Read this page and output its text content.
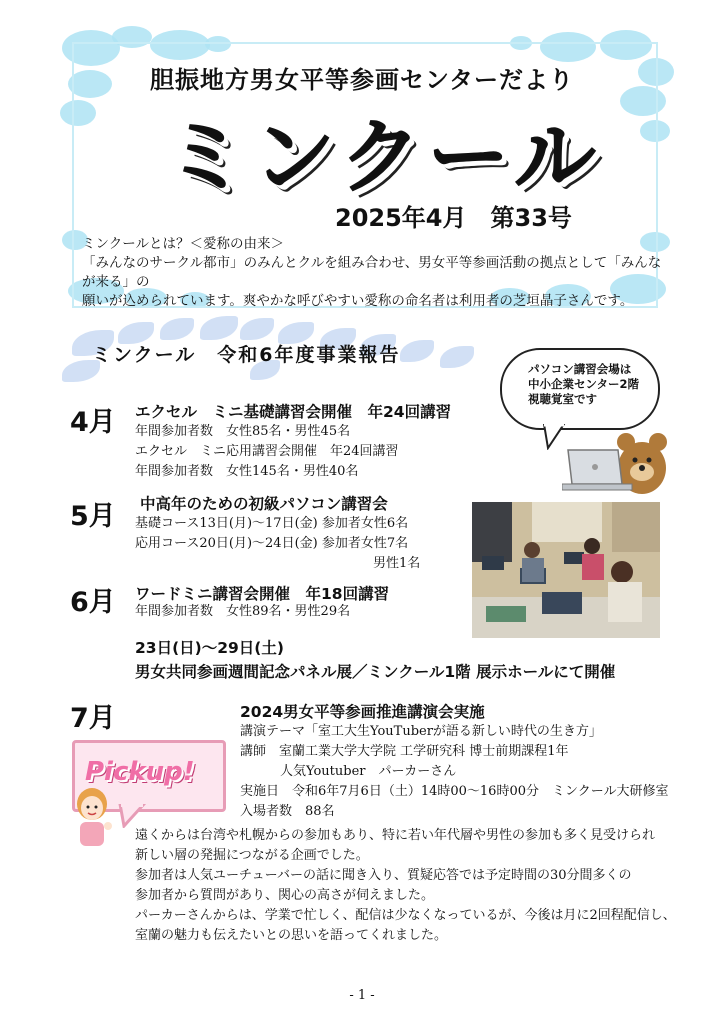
胆振地方男女平等参画センターだより
ミンクール
2025年4月　第33号
ミンクールとは？＜愛称の由来＞
「みんなのサークル都市」のみんとクルを組み合わせ、男女平等参画活動の拠点として「みんなが来る」の
願いが込められています。爽やかな呼びやすい愛称の命名者は利用者の芝垣晶子さんです。
ミンクール　令和6年度事業報告
パソコン講習会場は
中小企業センター2階
視聴覚室です
4月 エクセル　ミニ基礎講習会開催　年24回講習
年間参加者数　女性85名・男性45名
エクセル　ミニ応用講習会開催　年24回講習
年間参加者数　女性145名・男性40名
5月 中高年のための初級パソコン講習会
基礎コース13日(月)～17日(金) 参加者女性6名
応用コース20日(月)～24日(金) 参加者女性7名
男性1名
6月 ワードミニ講習会開催　年18回講習
年間参加者数　女性89名・男性29名
23日(日)～29日(土)
男女共同参画週間記念パネル展／ミンクール1階 展示ホールにて開催
7月	2024男女平等参画推進講演会実施
講演テーマ「室工大生YouTuberが語る新しい時代の生き方」
講師　室蘭工業大学大学院 工学研究科 博士前期課程1年
人気Youtuber　パーカーさん
実施日　令和6年7月6日（土）14時00～16時00分　ミンクール大研修室
入場者数　88名
Pickup!
遠くからは台湾や札幌からの参加もあり、特に若い年代層や男性の参加も多く見受けられ
新しい層の発掘につながる企画でした。
参加者は人気ユーチューバーの話に聞き入り、質疑応答では予定時間の30分間多くの
参加者から質問があり、関心の高さが伺えました。
パーカーさんからは、学業で忙しく、配信は少なくなっているが、今後は月に2回程配信し、
室蘭の魅力も伝えたいとの思いを語ってくれました。
- 1 -
